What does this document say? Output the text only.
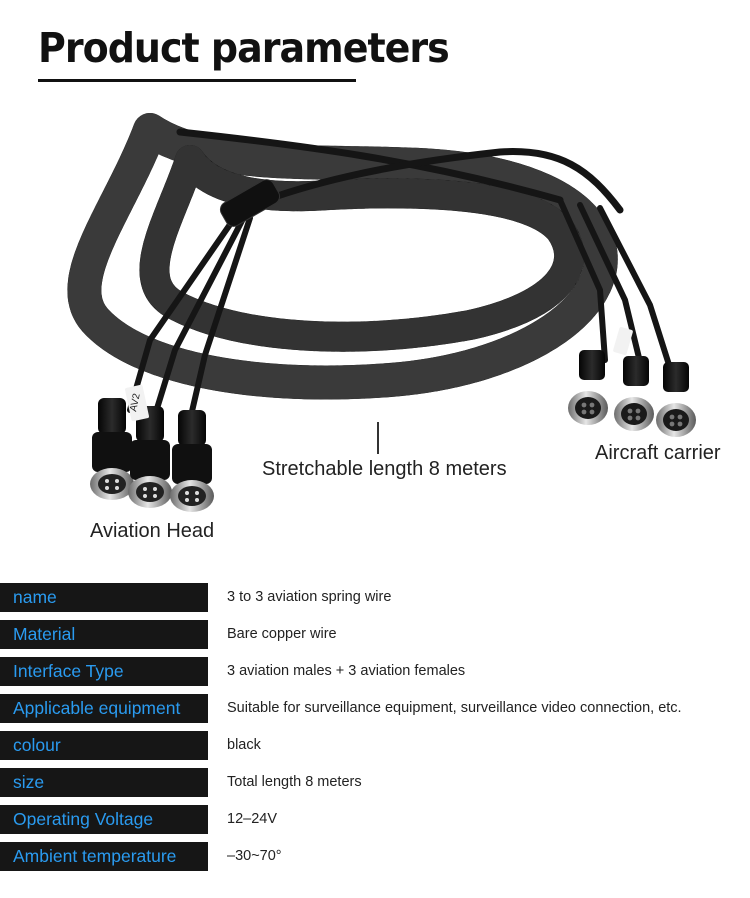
Product parameters
AV2
Aviation Head
Stretchable length 8 meters
Aircraft carrier
name	3 to 3 aviation spring wire
Material	Bare copper wire
Interface Type	3 aviation males + 3 aviation females
Applicable equipment	Suitable for surveillance equipment, surveillance video connection, etc.
colour	black
size	Total length 8 meters
Operating Voltage	12–24V
Ambient temperature	–30~70°
